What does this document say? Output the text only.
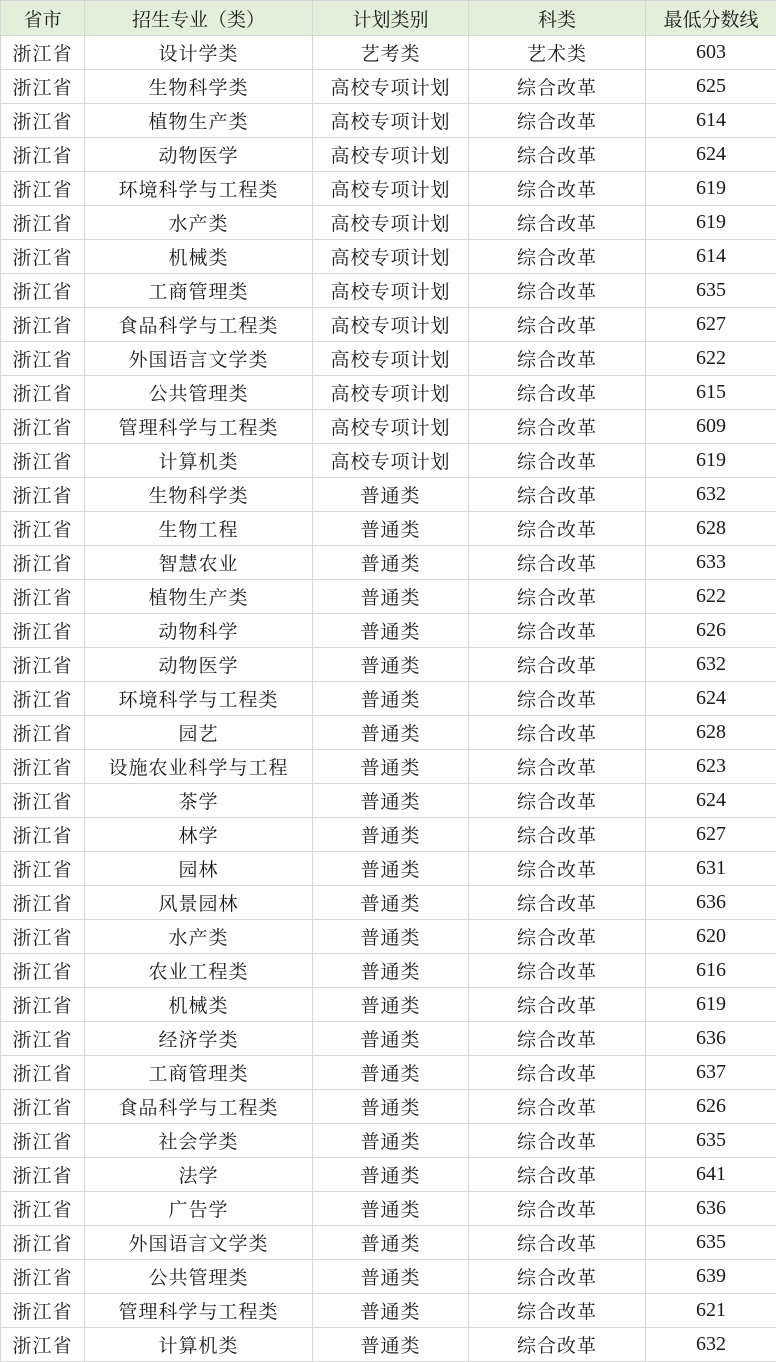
省市	招生专业（类）	计划类别	科类	最低分数线
浙江省	设计学类	艺考类	艺术类	603
浙江省	生物科学类	高校专项计划	综合改革	625
浙江省	植物生产类	高校专项计划	综合改革	614
浙江省	动物医学	高校专项计划	综合改革	624
浙江省	环境科学与工程类	高校专项计划	综合改革	619
浙江省	水产类	高校专项计划	综合改革	619
浙江省	机械类	高校专项计划	综合改革	614
浙江省	工商管理类	高校专项计划	综合改革	635
浙江省	食品科学与工程类	高校专项计划	综合改革	627
浙江省	外国语言文学类	高校专项计划	综合改革	622
浙江省	公共管理类	高校专项计划	综合改革	615
浙江省	管理科学与工程类	高校专项计划	综合改革	609
浙江省	计算机类	高校专项计划	综合改革	619
浙江省	生物科学类	普通类	综合改革	632
浙江省	生物工程	普通类	综合改革	628
浙江省	智慧农业	普通类	综合改革	633
浙江省	植物生产类	普通类	综合改革	622
浙江省	动物科学	普通类	综合改革	626
浙江省	动物医学	普通类	综合改革	632
浙江省	环境科学与工程类	普通类	综合改革	624
浙江省	园艺	普通类	综合改革	628
浙江省	设施农业科学与工程	普通类	综合改革	623
浙江省	茶学	普通类	综合改革	624
浙江省	林学	普通类	综合改革	627
浙江省	园林	普通类	综合改革	631
浙江省	风景园林	普通类	综合改革	636
浙江省	水产类	普通类	综合改革	620
浙江省	农业工程类	普通类	综合改革	616
浙江省	机械类	普通类	综合改革	619
浙江省	经济学类	普通类	综合改革	636
浙江省	工商管理类	普通类	综合改革	637
浙江省	食品科学与工程类	普通类	综合改革	626
浙江省	社会学类	普通类	综合改革	635
浙江省	法学	普通类	综合改革	641
浙江省	广告学	普通类	综合改革	636
浙江省	外国语言文学类	普通类	综合改革	635
浙江省	公共管理类	普通类	综合改革	639
浙江省	管理科学与工程类	普通类	综合改革	621
浙江省	计算机类	普通类	综合改革	632
